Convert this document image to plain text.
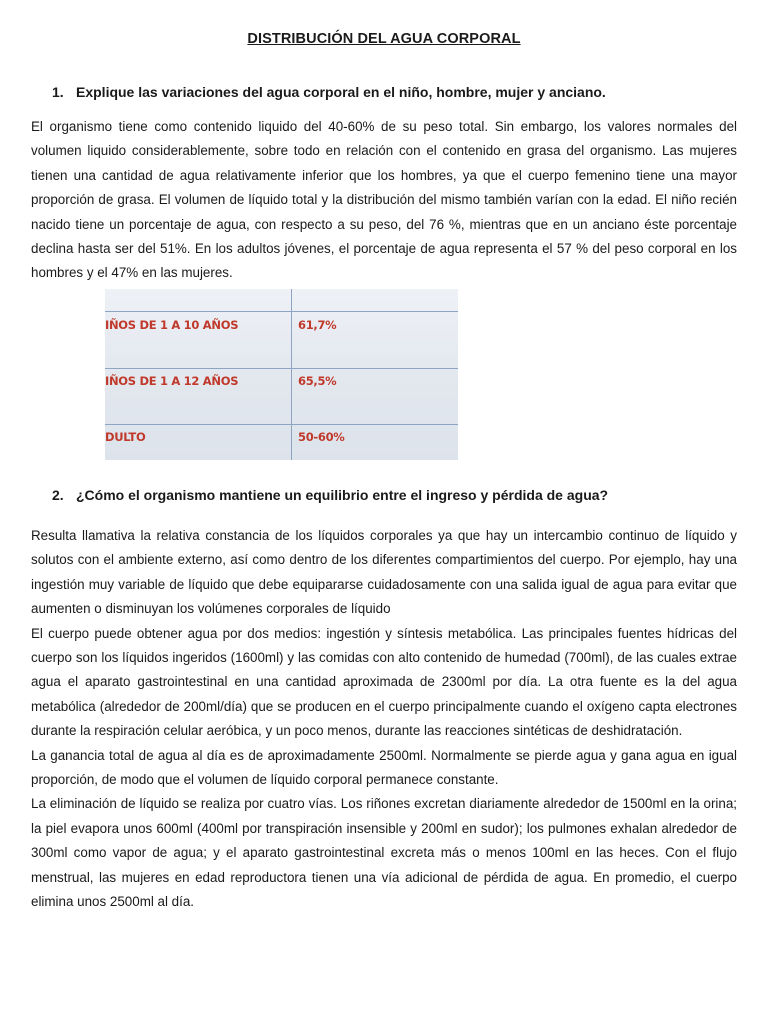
DISTRIBUCIÓN DEL AGUA CORPORAL
1. Explique las variaciones del agua corporal en el niño, hombre, mujer y anciano.

El organismo tiene como contenido liquido del 40-60% de su peso total. Sin embargo, los valores normales del volumen liquido considerablemente, sobre todo en relación con el contenido en grasa del organismo. Las mujeres tienen una cantidad de agua relativamente inferior que los hombres, ya que el cuerpo femenino tiene una mayor proporción de grasa. El volumen de líquido total y la distribución del mismo también varían con la edad. El niño recién nacido tiene un porcentaje de agua, con respecto a su peso, del 76 %, mientras que en un anciano éste porcentaje declina hasta ser del 51%. En los adultos jóvenes, el porcentaje de agua representa el 57 % del peso corporal en los hombres y el 47% en las mujeres.

IÑOS DE 1 A 10 AÑOS	61,7%
IÑOS DE 1 A 12 AÑOS	65,5%
DULTO	50-60%
2. ¿Cómo el organismo mantiene un equilibrio entre el ingreso y pérdida de agua?

Resulta llamativa la relativa constancia de los líquidos corporales ya que hay un intercambio continuo de líquido y solutos con el ambiente externo, así como dentro de los diferentes compartimientos del cuerpo. Por ejemplo, hay una ingestión muy variable de líquido que debe equipararse cuidadosamente con una salida igual de agua para evitar que aumenten o disminuyan los volúmenes corporales de líquido

El cuerpo puede obtener agua por dos medios: ingestión y síntesis metabólica. Las principales fuentes hídricas del cuerpo son los líquidos ingeridos (1600ml) y las comidas con alto contenido de humedad (700ml), de las cuales extrae agua el aparato gastrointestinal en una cantidad aproximada de 2300ml por día. La otra fuente es la del agua metabólica (alrededor de 200ml/día) que se producen en el cuerpo principalmente cuando el oxígeno capta electrones durante la respiración celular aeróbica, y un poco menos, durante las reacciones sintéticas de deshidratación.

La ganancia total de agua al día es de aproximadamente 2500ml. Normalmente se pierde agua y gana agua en igual proporción, de modo que el volumen de líquido corporal permanece constante.

La eliminación de líquido se realiza por cuatro vías. Los riñones excretan diariamente alrededor de 1500ml en la orina; la piel evapora unos 600ml (400ml por transpiración insensible y 200ml en sudor); los pulmones exhalan alrededor de 300ml como vapor de agua; y el aparato gastrointestinal excreta más o menos 100ml en las heces. Con el flujo menstrual, las mujeres en edad reproductora tienen una vía adicional de pérdida de agua. En promedio, el cuerpo elimina unos 2500ml al día.
